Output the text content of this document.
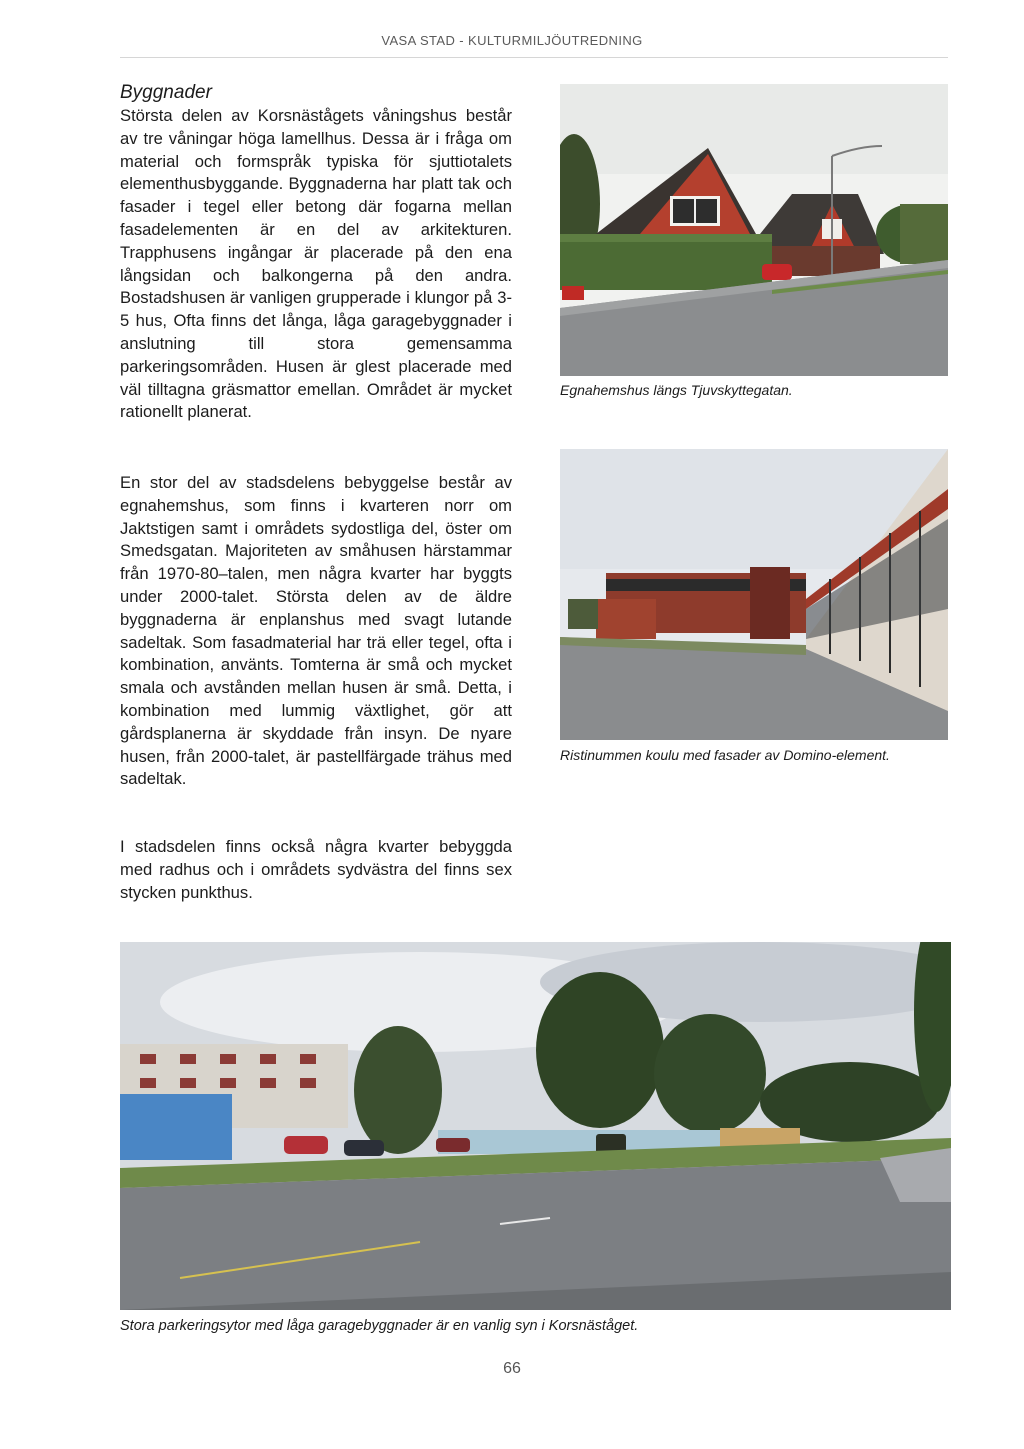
VASA STAD - KULTURMILJÖUTREDNING
Byggnader

Största delen av Korsnästågets våningshus består av tre våningar höga lamellhus. Dessa är i fråga om material och formspråk typiska för sjuttiotalets elementhusbyggande. Byggnaderna har platt tak och fasader i tegel eller betong där fogarna mellan fasadelementen är en del av arkitekturen. Trapphusens ingångar är placerade på den ena långsidan och balkongerna på den andra. Bostadshusen är vanligen grupperade i klungor på 3-5 hus, Ofta finns det långa, låga garagebyggnader i anslutning till stora gemensamma parkeringsområden. Husen är glest placerade med väl tilltagna gräsmattor emellan. Området är mycket rationellt planerat.

En stor del av stadsdelens bebyggelse består av egnahemshus, som finns i kvarteren norr om Jaktstigen samt i områdets sydostliga del, öster om Smedsgatan. Majoriteten av småhusen härstammar från 1970-80–talen, men några kvarter har byggts under 2000-talet. Största delen av de äldre byggnaderna är enplanshus med svagt lutande sadeltak. Som fasadmaterial har trä eller tegel, ofta i kombination, använts. Tomterna är små och mycket smala och avstånden mellan husen är små. Detta, i kombination med lummig växtlighet, gör att gårdsplanerna är skyddade från insyn. De nyare husen, från 2000-talet, är pastellfärgade trähus med sadeltak.

I stadsdelen finns också några kvarter bebyggda med radhus och i områdets sydvästra del finns sex stycken punkthus.

Egnahemshus längs Tjuvskyttegatan.
Ristinummen koulu med fasader av Domino-element.
Stora parkeringsytor med låga garagebyggnader är en vanlig syn i Korsnäståget.
66
